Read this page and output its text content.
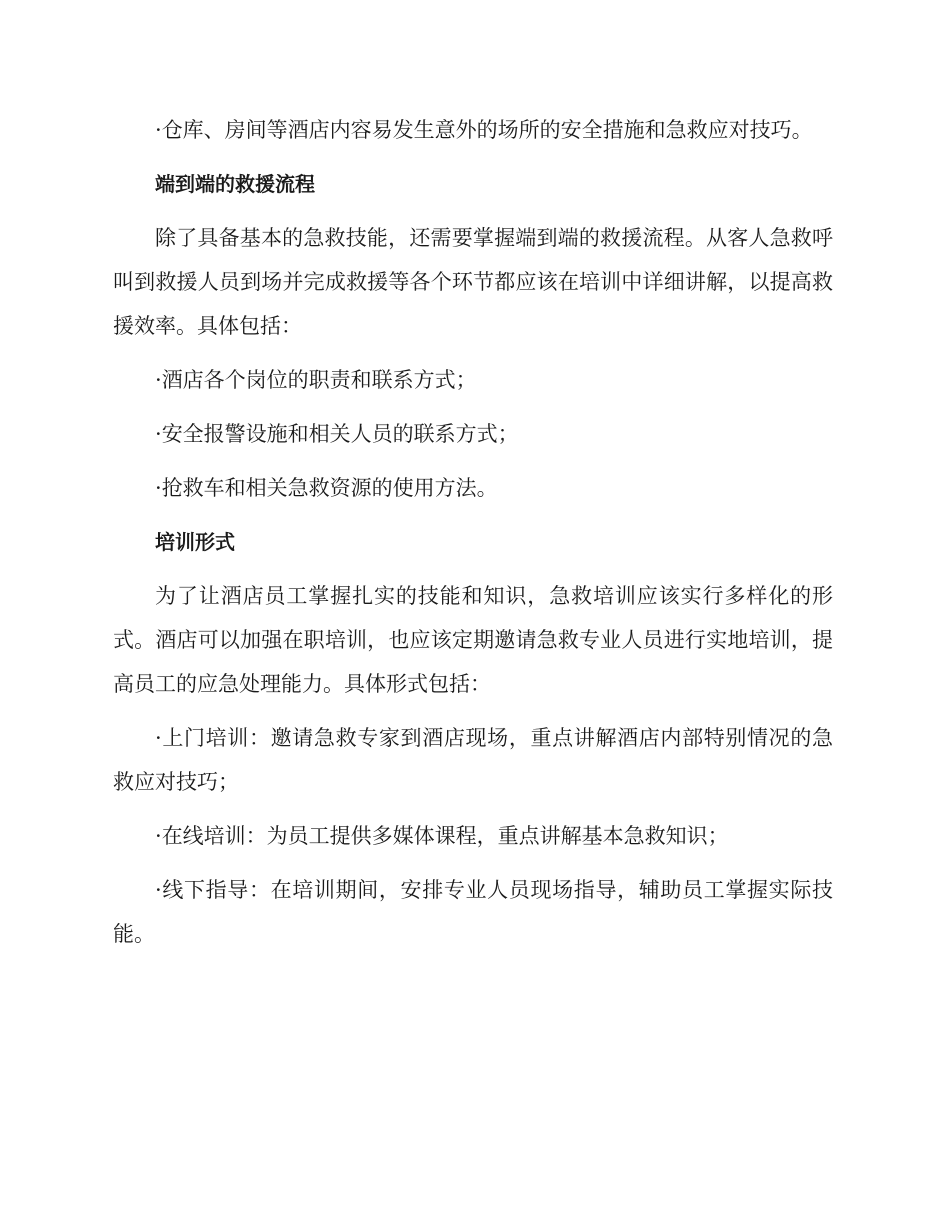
·仓库、房间等酒店内容易发生意外的场所的安全措施和急救应对技巧。

端到端的救援流程

除了具备基本的急救技能，还需要掌握端到端的救援流程。从客人急救呼叫到救援人员到场并完成救援等各个环节都应该在培训中详细讲解，以提高救援效率。具体包括：

·酒店各个岗位的职责和联系方式；

·安全报警设施和相关人员的联系方式；

·抢救车和相关急救资源的使用方法。

培训形式

为了让酒店员工掌握扎实的技能和知识，急救培训应该实行多样化的形式。酒店可以加强在职培训，也应该定期邀请急救专业人员进行实地培训，提高员工的应急处理能力。具体形式包括：

·上门培训：邀请急救专家到酒店现场，重点讲解酒店内部特别情况的急救应对技巧；

·在线培训：为员工提供多媒体课程，重点讲解基本急救知识；

·线下指导：在培训期间，安排专业人员现场指导，辅助员工掌握实际技能。
